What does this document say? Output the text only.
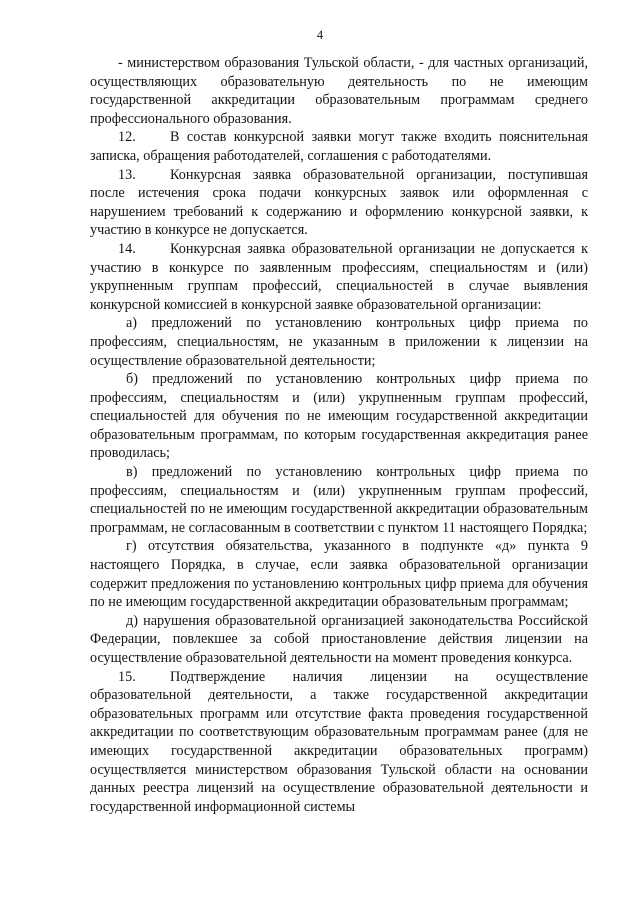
4

- министерством образования Тульской области, - для частных организаций, осуществляющих образовательную деятельность по не имеющим государственной аккредитации образовательным программам среднего профессионального образования.

12. В состав конкурсной заявки могут также входить пояснительная записка, обращения работодателей, соглашения с работодателями.

13. Конкурсная заявка образовательной организации, поступившая после истечения срока подачи конкурсных заявок или оформленная с нарушением требований к содержанию и оформлению конкурсной заявки, к участию в конкурсе не допускается.

14. Конкурсная заявка образовательной организации не допускается к участию в конкурсе по заявленным профессиям, специальностям и (или) укрупненным группам профессий, специальностей в случае выявления конкурсной комиссией в конкурсной заявке образовательной организации:

а) предложений по установлению контрольных цифр приема по профессиям, специальностям, не указанным в приложении к лицензии на осуществление образовательной деятельности;

б) предложений по установлению контрольных цифр приема по профессиям, специальностям и (или) укрупненным группам профессий, специальностей для обучения по не имеющим государственной аккредитации образовательным программам, по которым государственная аккредитация ранее проводилась;

в) предложений по установлению контрольных цифр приема по профессиям, специальностям и (или) укрупненным группам профессий, специальностей по не имеющим государственной аккредитации образовательным программам, не согласованным в соответствии с пунктом 11 настоящего Порядка;

г) отсутствия обязательства, указанного в подпункте «д» пункта 9 настоящего Порядка, в случае, если заявка образовательной организации содержит предложения по установлению контрольных цифр приема для обучения по не имеющим государственной аккредитации образовательным программам;

д) нарушения образовательной организацией законодательства Российской Федерации, повлекшее за собой приостановление действия лицензии на осуществление образовательной деятельности на момент проведения конкурса.

15. Подтверждение наличия лицензии на осуществление образовательной деятельности, а также государственной аккредитации образовательных программ или отсутствие факта проведения государственной аккредитации по соответствующим образовательным программам ранее (для не имеющих государственной аккредитации образовательных программ) осуществляется министерством образования Тульской области на основании данных реестра лицензий на осуществление образовательной деятельности и государственной информационной системы
